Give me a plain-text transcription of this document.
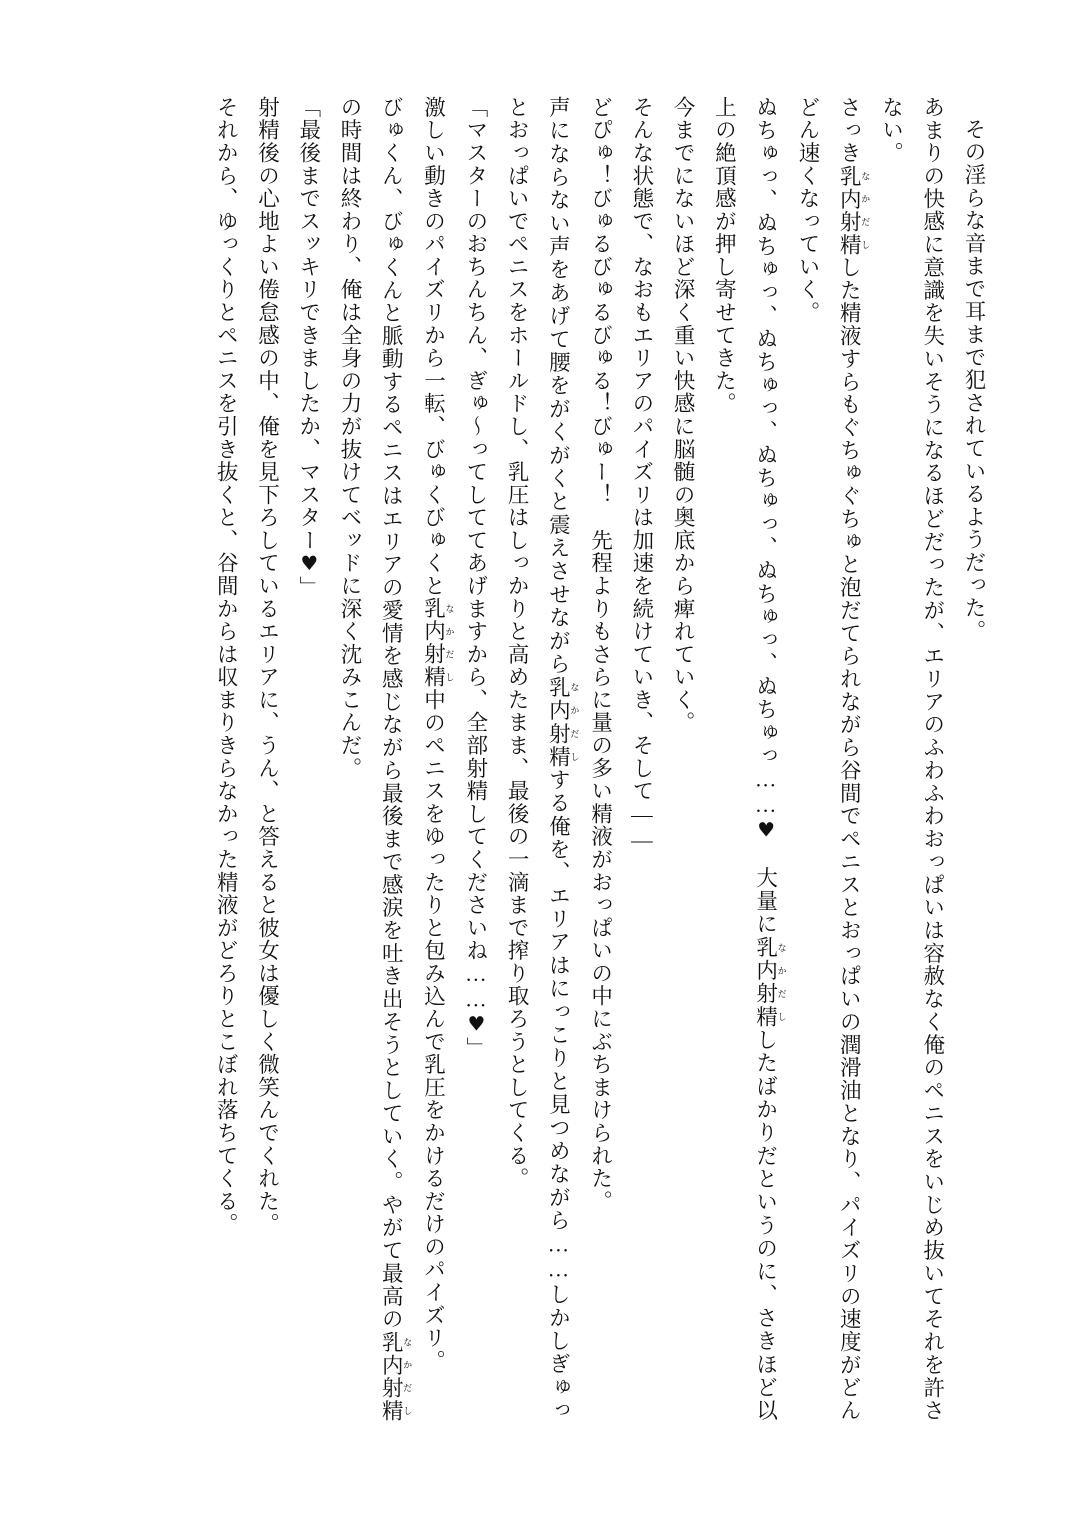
その淫らな音まで耳まで犯されているようだった。

あまりの快感に意識を失いそうになるほどだったが、エリアのふわふわおっぱいは容赦なく俺のペニスをいじめ抜いてそれを許さない。

さっき乳内射精 なかだしした精液すらもぐちゅぐちゅと泡だてられながら谷間でペニスとおっぱいの潤滑油となり、パイズリの速度がどんどん速くなっていく。

ぬちゅっ、ぬちゅっ、ぬちゅっ、ぬちゅっ、ぬちゅっ、ぬちゅっ……♥　大量に乳内射精 なかだししたばかりだというのに、さきほど以上の絶頂感が押し寄せてきた。

今までにないほど深く重い快感に脳髄の奥底から痺れていく。

そんな状態で、なおもエリアのパイズリは加速を続けていき、そして――

どぴゅ！びゅるびゅるびゅる！びゅー！　先程よりもさらに量の多い精液がおっぱいの中にぶちまけられた。

声にならない声をあげて腰をがくがくと震えさせながら乳内射精 なかだしする俺を、エリアはにっこりと見つめながら……しかしぎゅっとおっぱいでペニスをホールドし、乳圧はしっかりと高めたまま、最後の一滴まで搾り取ろうとしてくる。

「マスターのおちんちん、ぎゅ～ってしててあげますから、全部射精してくださいね……♥」

激しい動きのパイズリから一転、びゅくびゅくと乳内射精 なかだし中のペニスをゆったりと包み込んで乳圧をかけるだけのパイズリ。

びゅくん、びゅくんと脈動するペニスはエリアの愛情を感じながら最後まで感涙を吐き出そうとしていく。やがて最高の乳内射精 なかだしの時間は終わり、俺は全身の力が抜けてベッドに深く沈みこんだ。

「最後までスッキリできましたか、マスター♥」

射精後の心地よい倦怠感の中、俺を見下ろしているエリアに、うん、と答えると彼女は優しく微笑んでくれた。

それから、ゆっくりとペニスを引き抜くと、谷間からは収まりきらなかった精液がどろりとこぼれ落ちてくる。
